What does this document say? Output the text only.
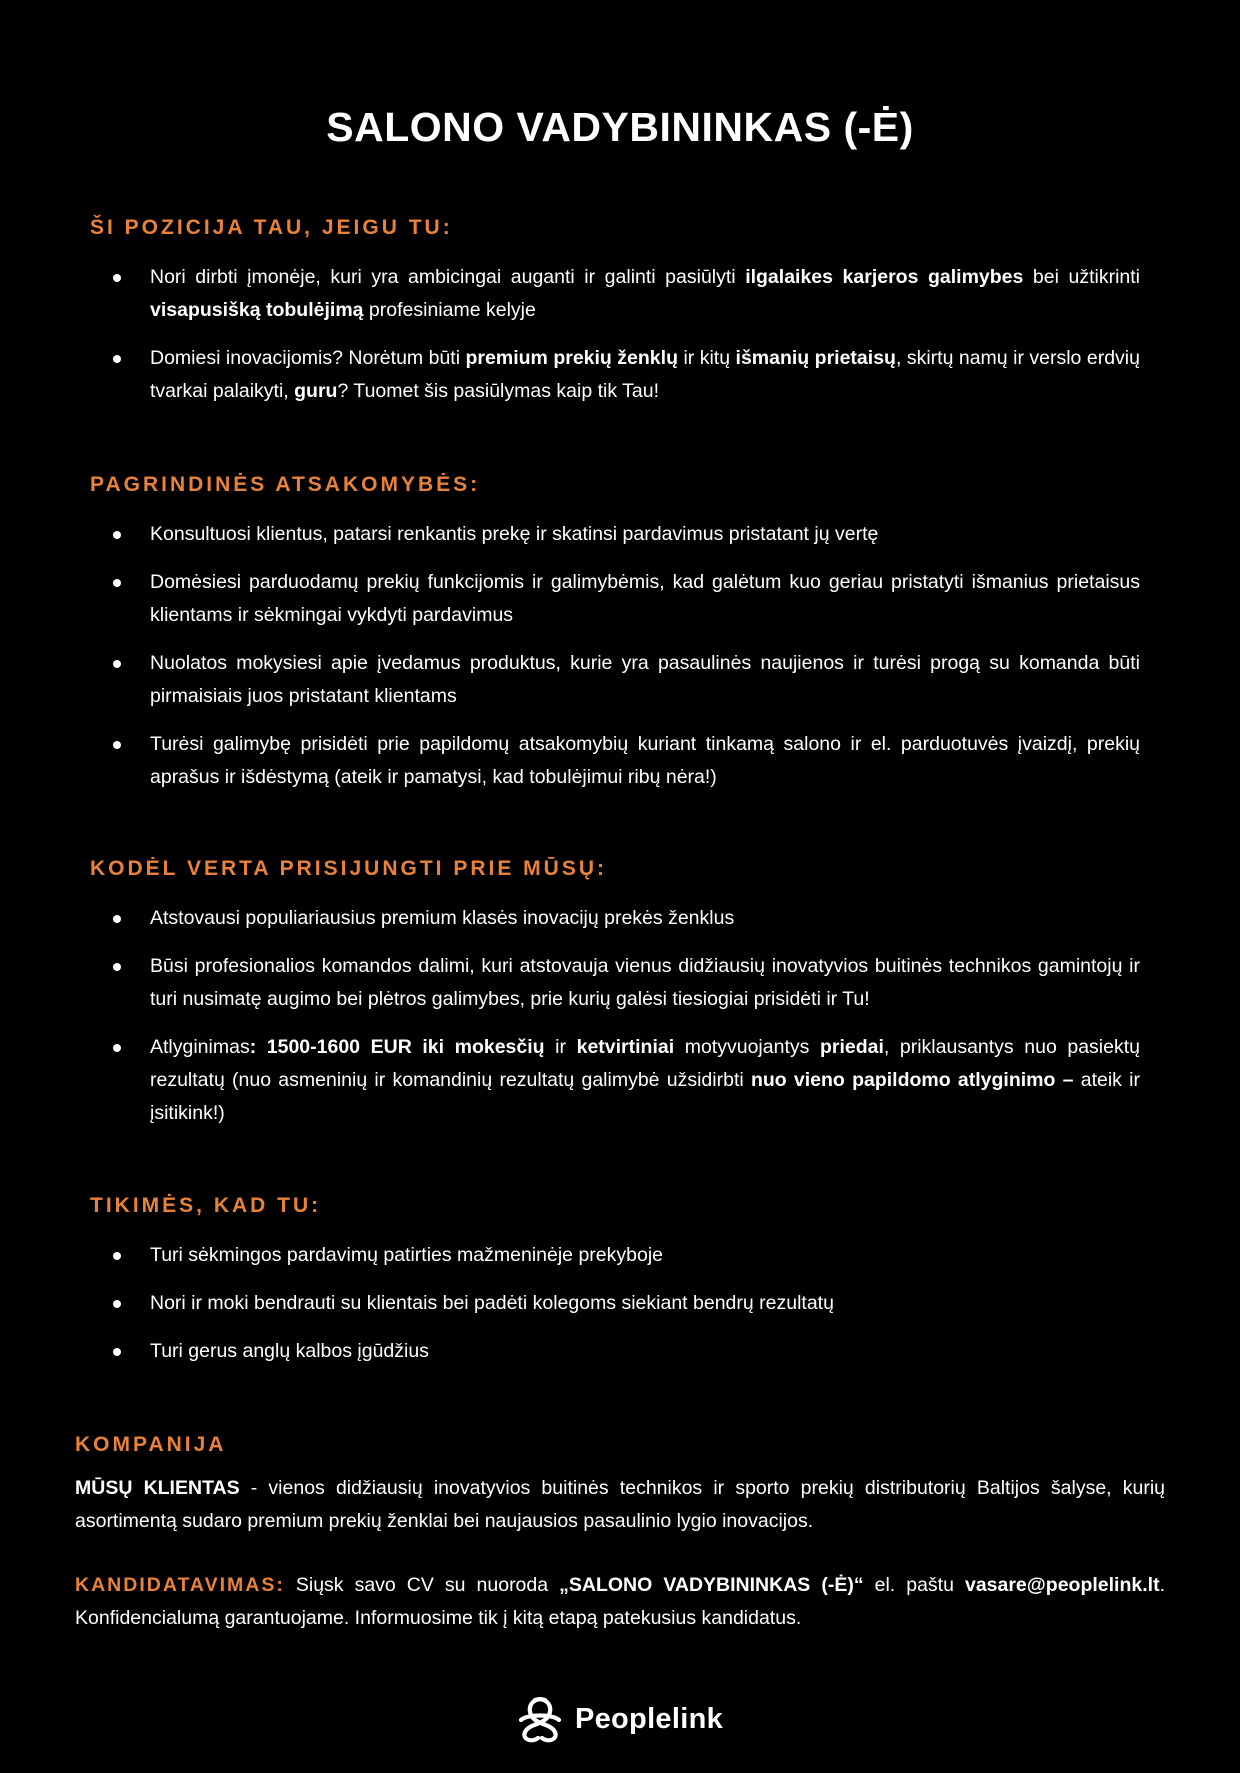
SALONO VADYBININKAS (-Ė)
ŠI POZICIJA TAU, JEIGU TU:
Nori dirbti įmonėje, kuri yra ambicingai auganti ir galinti pasiūlyti ilgalaikes karjeros galimybes bei užtikrinti visapusišką tobulėjimą profesiniame kelyje
Domiesi inovacijomis? Norėtum būti premium prekių ženklų ir kitų išmanių prietaisų, skirtų namų ir verslo erdvių tvarkai palaikyti, guru? Tuomet šis pasiūlymas kaip tik Tau!
PAGRINDINĖS ATSAKOMYBĖS:
Konsultuosi klientus, patarsi renkantis prekę ir skatinsi pardavimus pristatant jų vertę
Domėsiesi parduodamų prekių funkcijomis ir galimybėmis, kad galėtum kuo geriau pristatyti išmanius prietaisus klientams ir sėkmingai vykdyti pardavimus
Nuolatos mokysiesi apie įvedamus produktus, kurie yra pasaulinės naujienos ir turėsi progą su komanda būti pirmaisiais juos pristatant klientams
Turėsi galimybę prisidėti prie papildomų atsakomybių kuriant tinkamą salono ir el. parduotuvės įvaizdį, prekių aprašus ir išdėstymą (ateik ir pamatysi, kad tobulėjimui ribų nėra!)
KODĖL VERTA PRISIJUNGTI PRIE MŪSŲ:
Atstovausi populiariausius premium klasės inovacijų prekės ženklus
Būsi profesionalios komandos dalimi, kuri atstovauja vienus didžiausių inovatyvios buitinės technikos gamintojų ir turi nusimatę augimo bei plėtros galimybes, prie kurių galėsi tiesiogiai prisidėti ir Tu!
Atlyginimas: 1500-1600 EUR iki mokesčių ir ketvirtiniai motyvuojantys priedai, priklausantys nuo pasiektų rezultatų (nuo asmeninių ir komandinių rezultatų galimybė užsidirbti nuo vieno papildomo atlyginimo – ateik ir įsitikink!)
TIKIMĖS, KAD TU:
Turi sėkmingos pardavimų patirties mažmeninėje prekyboje
Nori ir moki bendrauti su klientais bei padėti kolegoms siekiant bendrų rezultatų
Turi gerus anglų kalbos įgūdžius
KOMPANIJA

MŪSŲ KLIENTAS - vienos didžiausių inovatyvios buitinės technikos ir sporto prekių distributorių Baltijos šalyse, kurių asortimentą sudaro premium prekių ženklai bei naujausios pasaulinio lygio inovacijos.

KANDIDATAVIMAS: Siųsk savo CV su nuoroda „SALONO VADYBININKAS (-Ė)“ el. paštu vasare@peoplelink.lt. Konfidencialumą garantuojame. Informuosime tik į kitą etapą patekusius kandidatus.

Peoplelink
